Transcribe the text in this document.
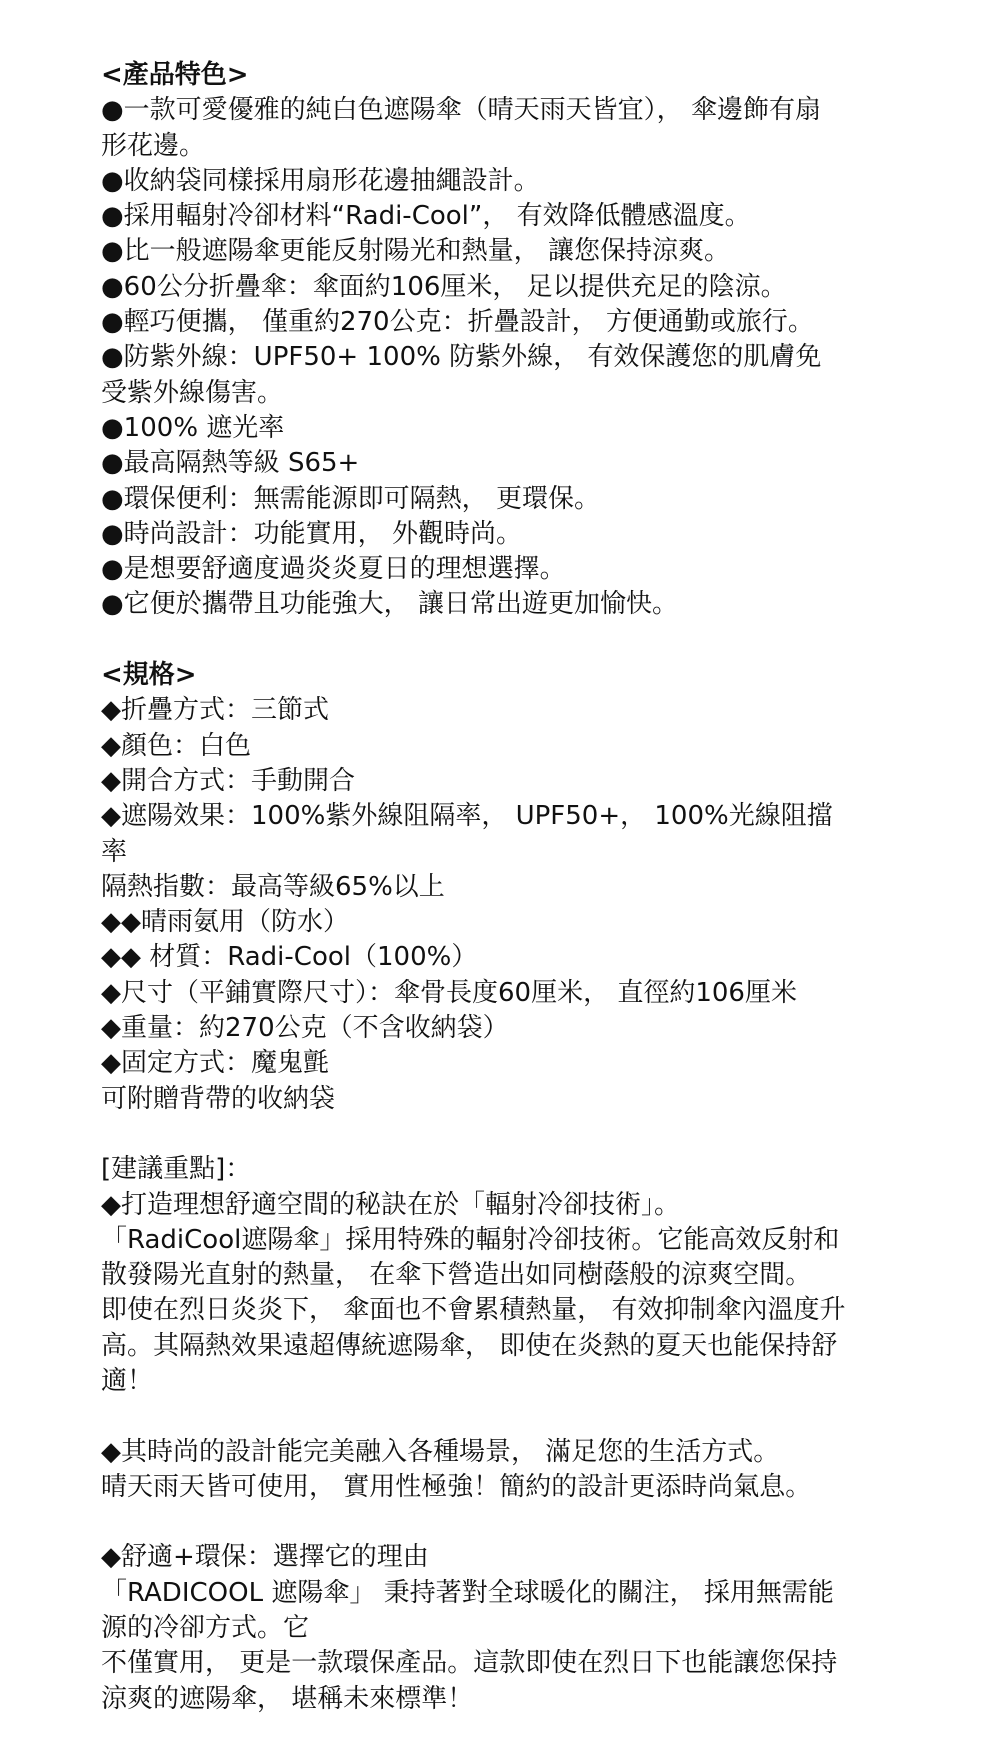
<產品特色>
●一款可愛優雅的純白色遮陽傘（晴天雨天皆宜）， 傘邊飾有扇
形花邊。
●收納袋同樣採用扇形花邊抽繩設計。
●採用輻射冷卻材料“Radi-Cool”， 有效降低體感溫度。
●比一般遮陽傘更能反射陽光和熱量， 讓您保持涼爽。
●60公分折疊傘：傘面約106厘米， 足以提供充足的陰涼。
●輕巧便攜， 僅重約270公克：折疊設計， 方便通勤或旅行。
●防紫外線：UPF50+ 100% 防紫外線， 有效保護您的肌膚免
受紫外線傷害。
●100% 遮光率
●最高隔熱等級 S65+
●環保便利：無需能源即可隔熱， 更環保。
●時尚設計：功能實用， 外觀時尚。
●是想要舒適度過炎炎夏日的理想選擇。
●它便於攜帶且功能強大， 讓日常出遊更加愉快。
<規格>
◆折疊方式：三節式
◆顏色：白色
◆開合方式：手動開合
◆遮陽效果：100%紫外線阻隔率， UPF50+， 100%光線阻擋
率
隔熱指數：最高等級65%以上
◆◆晴雨氨用（防水）
◆◆ 材質：Radi-Cool（100%）
◆尺寸（平鋪實際尺寸）：傘骨長度60厘米， 直徑約106厘米
◆重量：約270公克（不含收納袋）
◆固定方式：魔鬼氈
可附贈背帶的收納袋
[建議重點]：
◆打造理想舒適空間的秘訣在於「輻射冷卻技術」。
「RadiCool遮陽傘」採用特殊的輻射冷卻技術。它能高效反射和
散發陽光直射的熱量， 在傘下營造出如同樹蔭般的涼爽空間。
即使在烈日炎炎下， 傘面也不會累積熱量， 有效抑制傘內溫度升
高。其隔熱效果遠超傳統遮陽傘， 即使在炎熱的夏天也能保持舒
適！
◆其時尚的設計能完美融入各種場景， 滿足您的生活方式。
晴天雨天皆可使用， 實用性極強！簡約的設計更添時尚氣息。
◆舒適+環保：選擇它的理由
「RADICOOL 遮陽傘」 秉持著對全球暖化的關注， 採用無需能
源的冷卻方式。它
不僅實用， 更是一款環保產品。這款即使在烈日下也能讓您保持
涼爽的遮陽傘， 堪稱未來標準！
